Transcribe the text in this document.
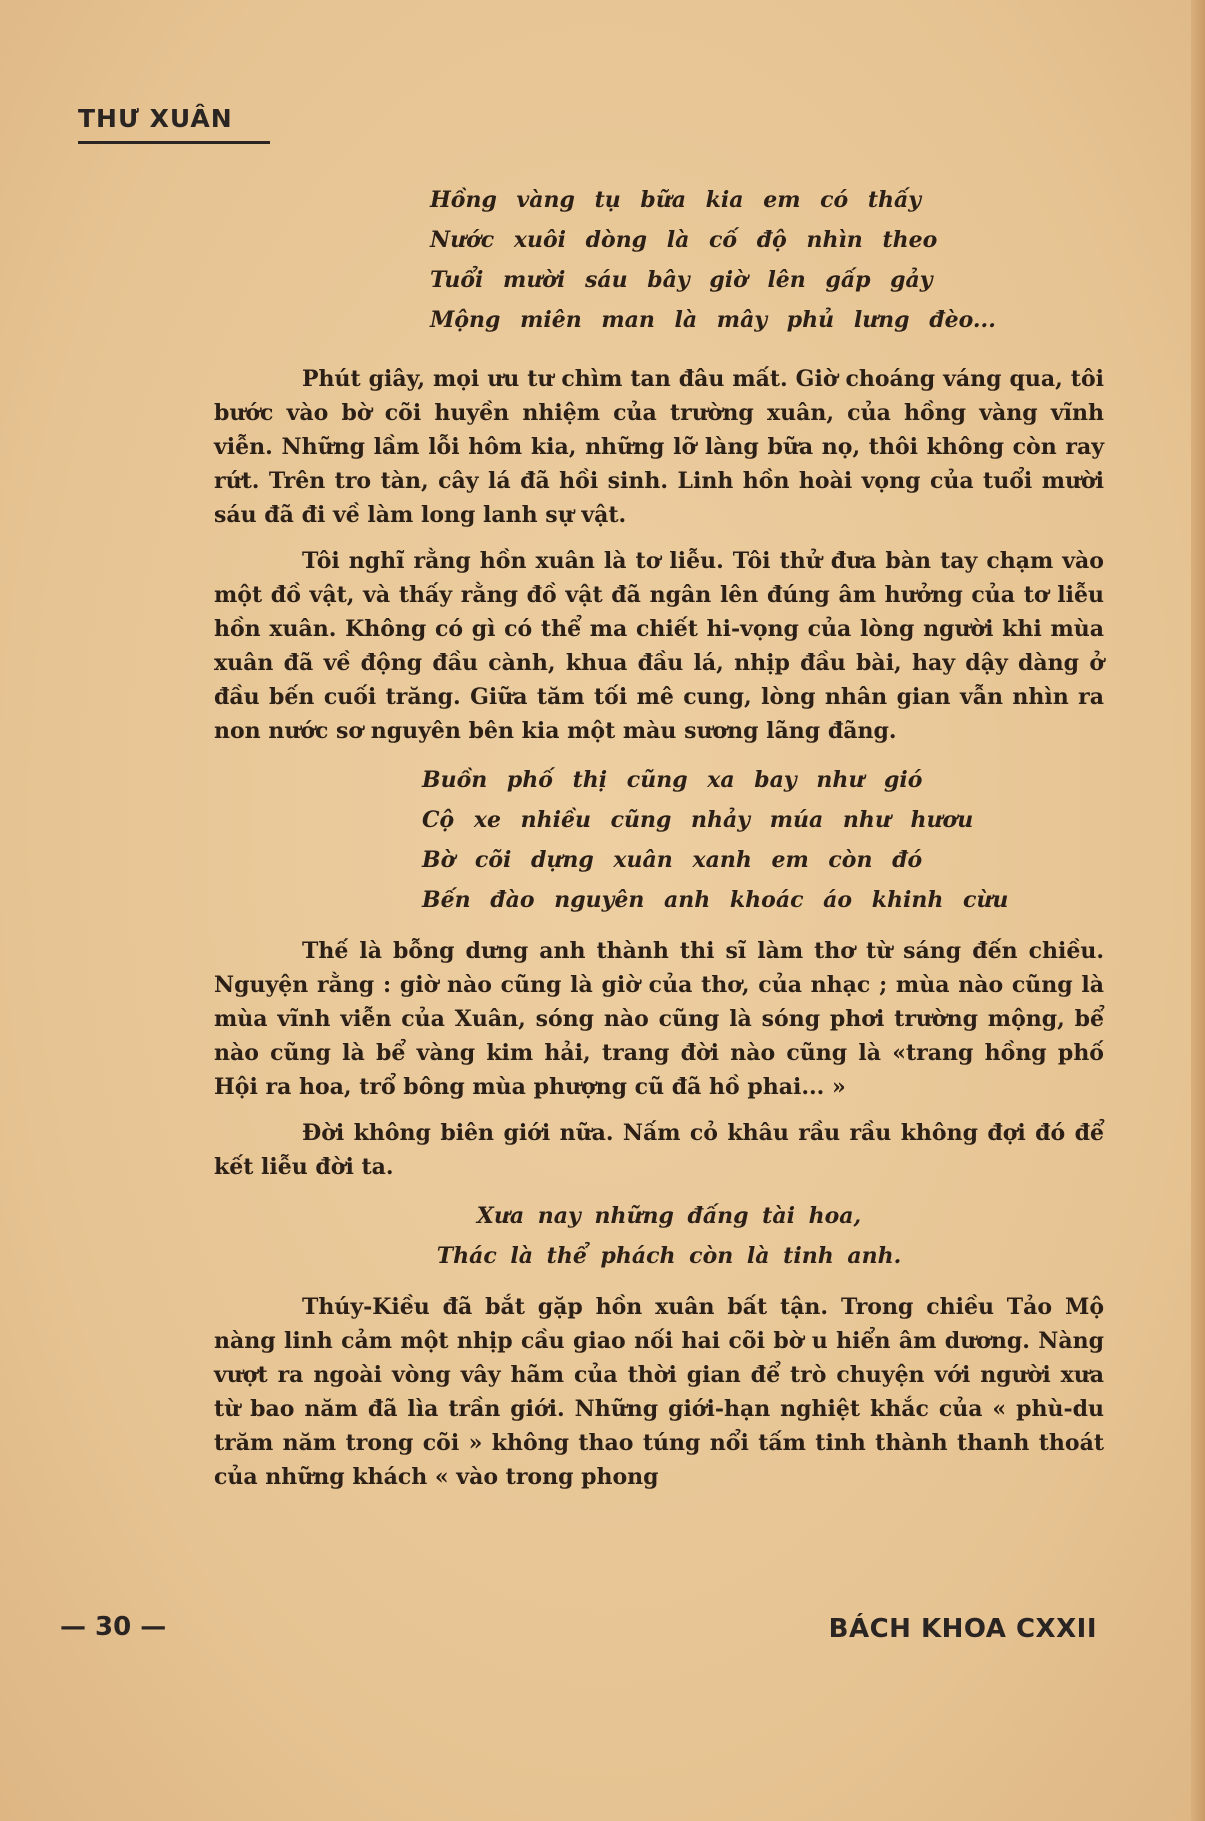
THƯ XUÂN
Hồng vàng tụ bữa kia em có thấy
Nước xuôi dòng là cố độ nhìn theo
Tuổi mười sáu bây giờ lên gấp gảy
Mộng miên man là mây phủ lưng đèo...

Phút giây, mọi ưu tư chìm tan đâu mất. Giờ choáng váng qua, tôi bước vào bờ cõi huyền nhiệm của trường xuân, của hồng vàng vĩnh viễn. Những lầm lỗi hôm kia, những lỡ làng bữa nọ, thôi không còn ray rứt. Trên tro tàn, cây lá đã hồi sinh. Linh hồn hoài vọng của tuổi mười sáu đã đi về làm long lanh sự vật.

Tôi nghĩ rằng hồn xuân là tơ liễu. Tôi thử đưa bàn tay chạm vào một đồ vật, và thấy rằng đồ vật đã ngân lên đúng âm hưởng của tơ liễu hồn xuân. Không có gì có thể ma chiết hi-vọng của lòng người khi mùa xuân đã về động đầu cành, khua đầu lá, nhịp đầu bài, hay dậy dàng ở đầu bến cuối trăng. Giữa tăm tối mê cung, lòng nhân gian vẫn nhìn ra non nước sơ nguyên bên kia một màu sương lãng đãng.

Buồn phố thị cũng xa bay như gió
Cộ xe nhiều cũng nhảy múa như hươu
Bờ cõi dựng xuân xanh em còn đó
Bến đào nguyên anh khoác áo khinh cừu

Thế là bỗng dưng anh thành thi sĩ làm thơ từ sáng đến chiều. Nguyện rằng : giờ nào cũng là giờ của thơ, của nhạc ; mùa nào cũng là mùa vĩnh viễn của Xuân, sóng nào cũng là sóng phơi trường mộng, bể nào cũng là bể vàng kim hải, trang đời nào cũng là «trang hồng phố Hội ra hoa, trổ bông mùa phượng cũ đã hồ phai... »

Đời không biên giới nữa. Nấm cỏ khâu rầu rầu không đợi đó để kết liễu đời ta.

Xưa nay những đấng tài hoa,
Thác là thể phách còn là tinh anh.

Thúy-Kiều đã bắt gặp hồn xuân bất tận. Trong chiều Tảo Mộ nàng linh cảm một nhịp cầu giao nối hai cõi bờ u hiển âm dương. Nàng vượt ra ngoài vòng vây hãm của thời gian để trò chuyện với người xưa từ bao năm đã lìa trần giới. Những giới-hạn nghiệt khắc của « phù-du trăm năm trong cõi » không thao túng nổi tấm tinh thành thanh thoát của những khách « vào trong phong

— 30 —	BÁCH KHOA CXXII
